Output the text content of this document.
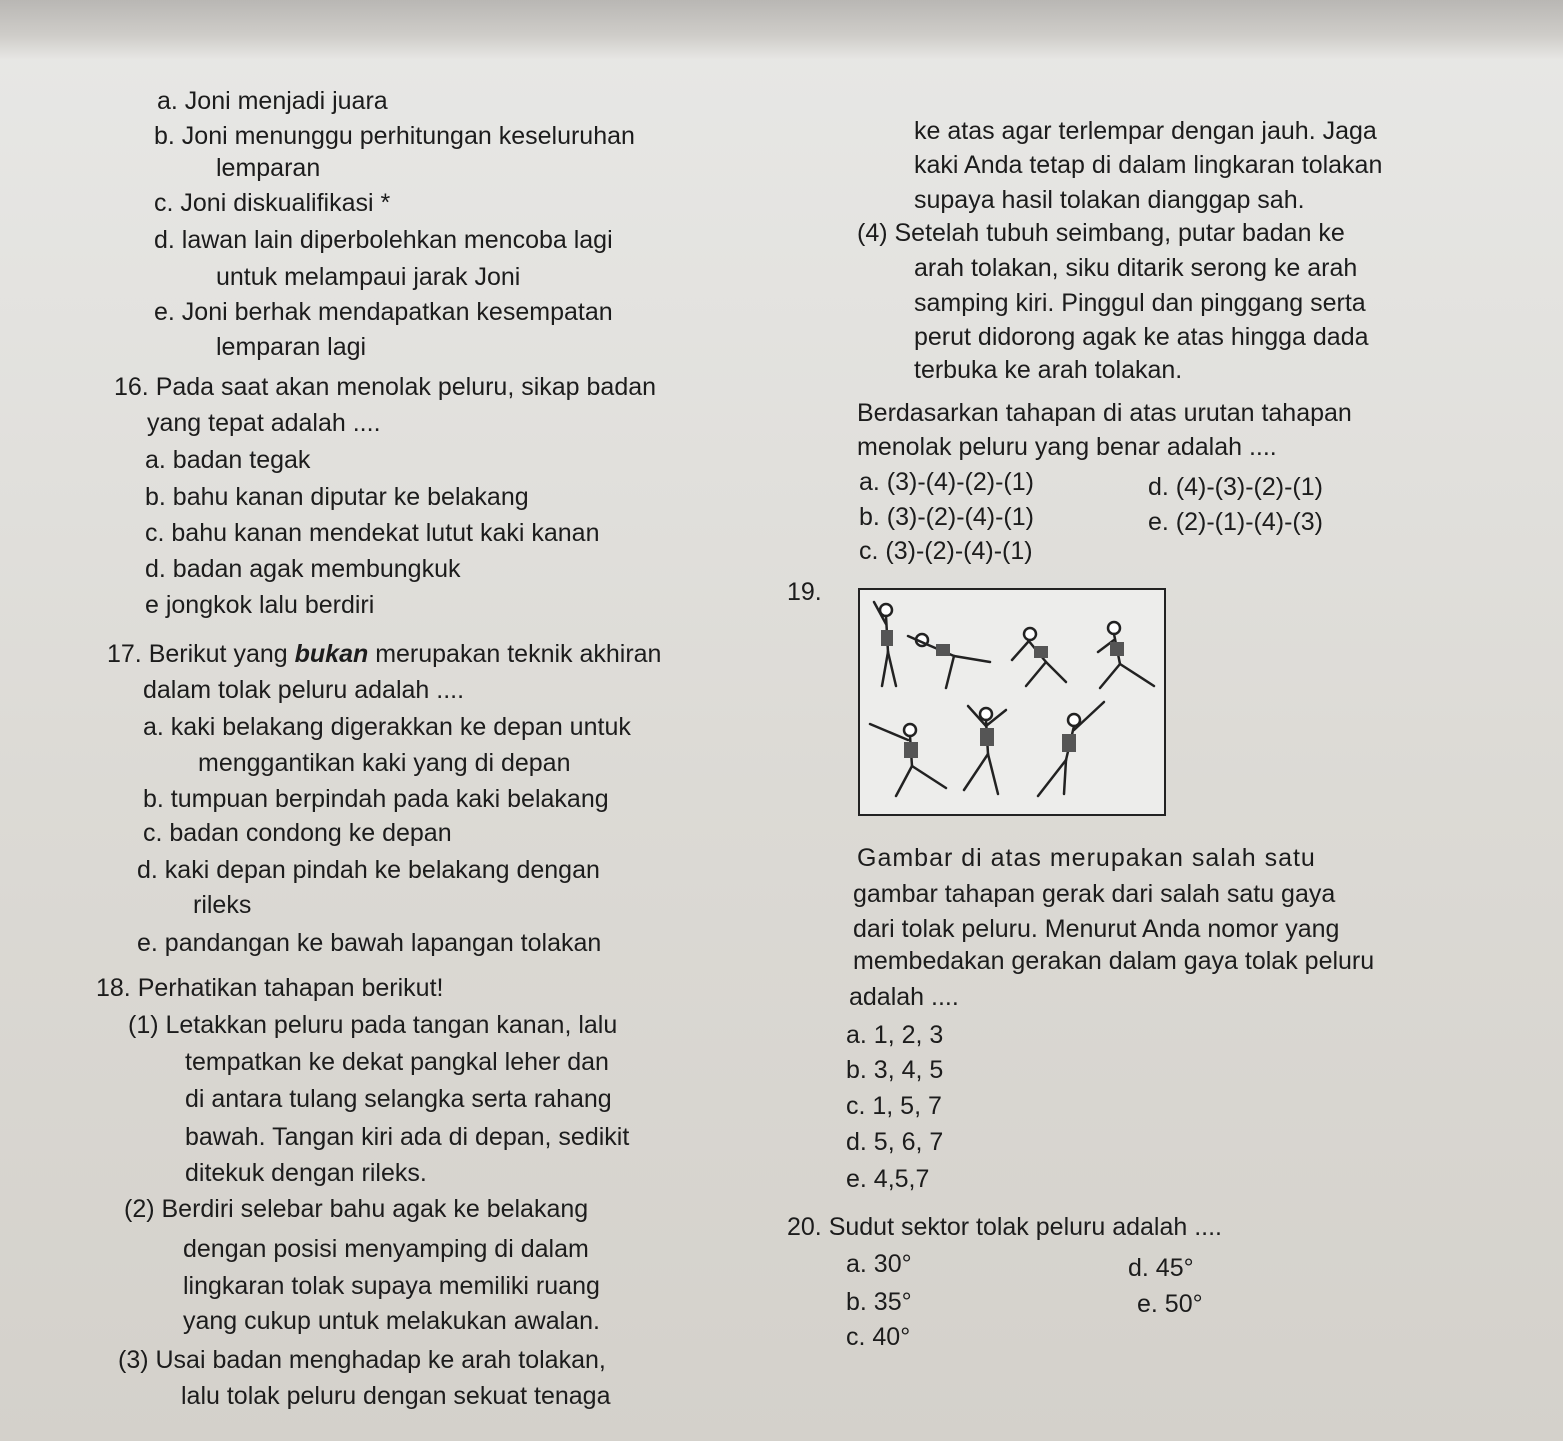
a. Joni menjadi juara
b. Joni menunggu perhitungan keseluruhan
lemparan
c. Joni diskualifikasi *
d. lawan lain diperbolehkan mencoba lagi
untuk melampaui jarak Joni
e. Joni berhak mendapatkan kesempatan
lemparan lagi
16. Pada saat akan menolak peluru, sikap badan
yang tepat adalah ....
a. badan tegak
b. bahu kanan diputar ke belakang
c. bahu kanan mendekat lutut kaki kanan
d. badan agak membungkuk
e jongkok lalu berdiri
17. Berikut yang bukan merupakan teknik akhiran
dalam tolak peluru adalah ....
a. kaki belakang digerakkan ke depan untuk
menggantikan kaki yang di depan
b. tumpuan berpindah pada kaki belakang
c. badan condong ke depan
d. kaki depan pindah ke belakang dengan
rileks
e. pandangan ke bawah lapangan tolakan
18. Perhatikan tahapan berikut!
(1) Letakkan peluru pada tangan kanan, lalu
tempatkan ke dekat pangkal leher dan
di antara tulang selangka serta rahang
bawah. Tangan kiri ada di depan, sedikit
ditekuk dengan rileks.
(2) Berdiri selebar bahu agak ke belakang
dengan posisi menyamping di dalam
lingkaran tolak supaya memiliki ruang
yang cukup untuk melakukan awalan.
(3) Usai badan menghadap ke arah tolakan,
lalu tolak peluru dengan sekuat tenaga
ke atas agar terlempar dengan jauh. Jaga
kaki Anda tetap di dalam lingkaran tolakan
supaya hasil tolakan dianggap sah.
(4) Setelah tubuh seimbang, putar badan ke
arah tolakan, siku ditarik serong ke arah
samping kiri. Pinggul dan pinggang serta
perut didorong agak ke atas hingga dada
terbuka ke arah tolakan.
Berdasarkan tahapan di atas urutan tahapan
menolak peluru yang benar adalah ....
a. (3)-(4)-(2)-(1)
b. (3)-(2)-(4)-(1)
c. (3)-(2)-(4)-(1)
d. (4)-(3)-(2)-(1)
e. (2)-(1)-(4)-(3)
19.
Gambar di atas merupakan salah satu
gambar tahapan gerak dari salah satu gaya
dari tolak peluru. Menurut Anda nomor yang
membedakan gerakan dalam gaya tolak peluru
adalah ....
a. 1, 2, 3
b. 3, 4, 5
c. 1, 5, 7
d. 5, 6, 7
e. 4,5,7
20. Sudut sektor tolak peluru adalah ....
a. 30°
b. 35°
c. 40°
d. 45°
e. 50°
